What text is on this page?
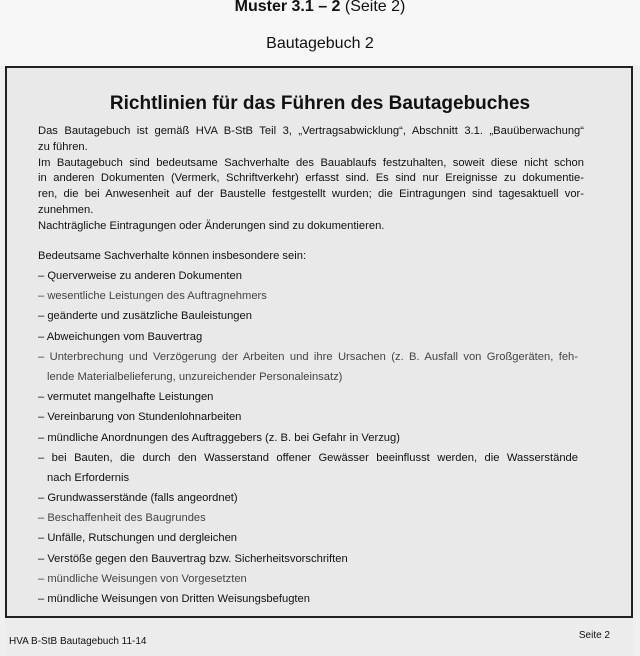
Muster 3.1 – 2 (Seite 2)
Bautagebuch 2
Richtlinien für das Führen des Bautagebuches

Das Bautagebuch ist gemäß HVA B-StB Teil 3, „Vertragsabwicklung“, Abschnitt 3.1. „Bauüberwachung“

zu führen.

Im Bautagebuch sind bedeutsame Sachverhalte des Bauablaufs festzuhalten, soweit diese nicht schon

in anderen Dokumenten (Vermerk, Schriftverkehr) erfasst sind. Es sind nur Ereignisse zu dokumentie-

ren, die bei Anwesenheit auf der Baustelle festgestellt wurden; die Eintragungen sind tagesaktuell vor-

zunehmen.

Nachträgliche Eintragungen oder Änderungen sind zu dokumentieren.

Bedeutsame Sachverhalte können insbesondere sein:
– Querverweise zu anderen Dokumenten
– wesentliche Leistungen des Auftragnehmers
– geänderte und zusätzliche Bauleistungen
– Abweichungen vom Bauvertrag
– Unterbrechung und Verzögerung der Arbeiten und ihre Ursachen (z. B. Ausfall von Großgeräten, feh-
lende Materialbelieferung, unzureichender Personaleinsatz)
– vermutet mangelhafte Leistungen
– Vereinbarung von Stundenlohnarbeiten
– mündliche Anordnungen des Auftraggebers (z. B. bei Gefahr in Verzug)
– bei Bauten, die durch den Wasserstand offener Gewässer beeinflusst werden, die Wasserstände
nach Erfordernis
– Grundwasserstände (falls angeordnet)
– Beschaffenheit des Baugrundes
– Unfälle, Rutschungen und dergleichen
– Verstöße gegen den Bauvertrag bzw. Sicherheitsvorschriften
– mündliche Weisungen von Vorgesetzten
– mündliche Weisungen von Dritten Weisungsbefugten
HVA B-StB Bautagebuch 11-14
Seite 2
